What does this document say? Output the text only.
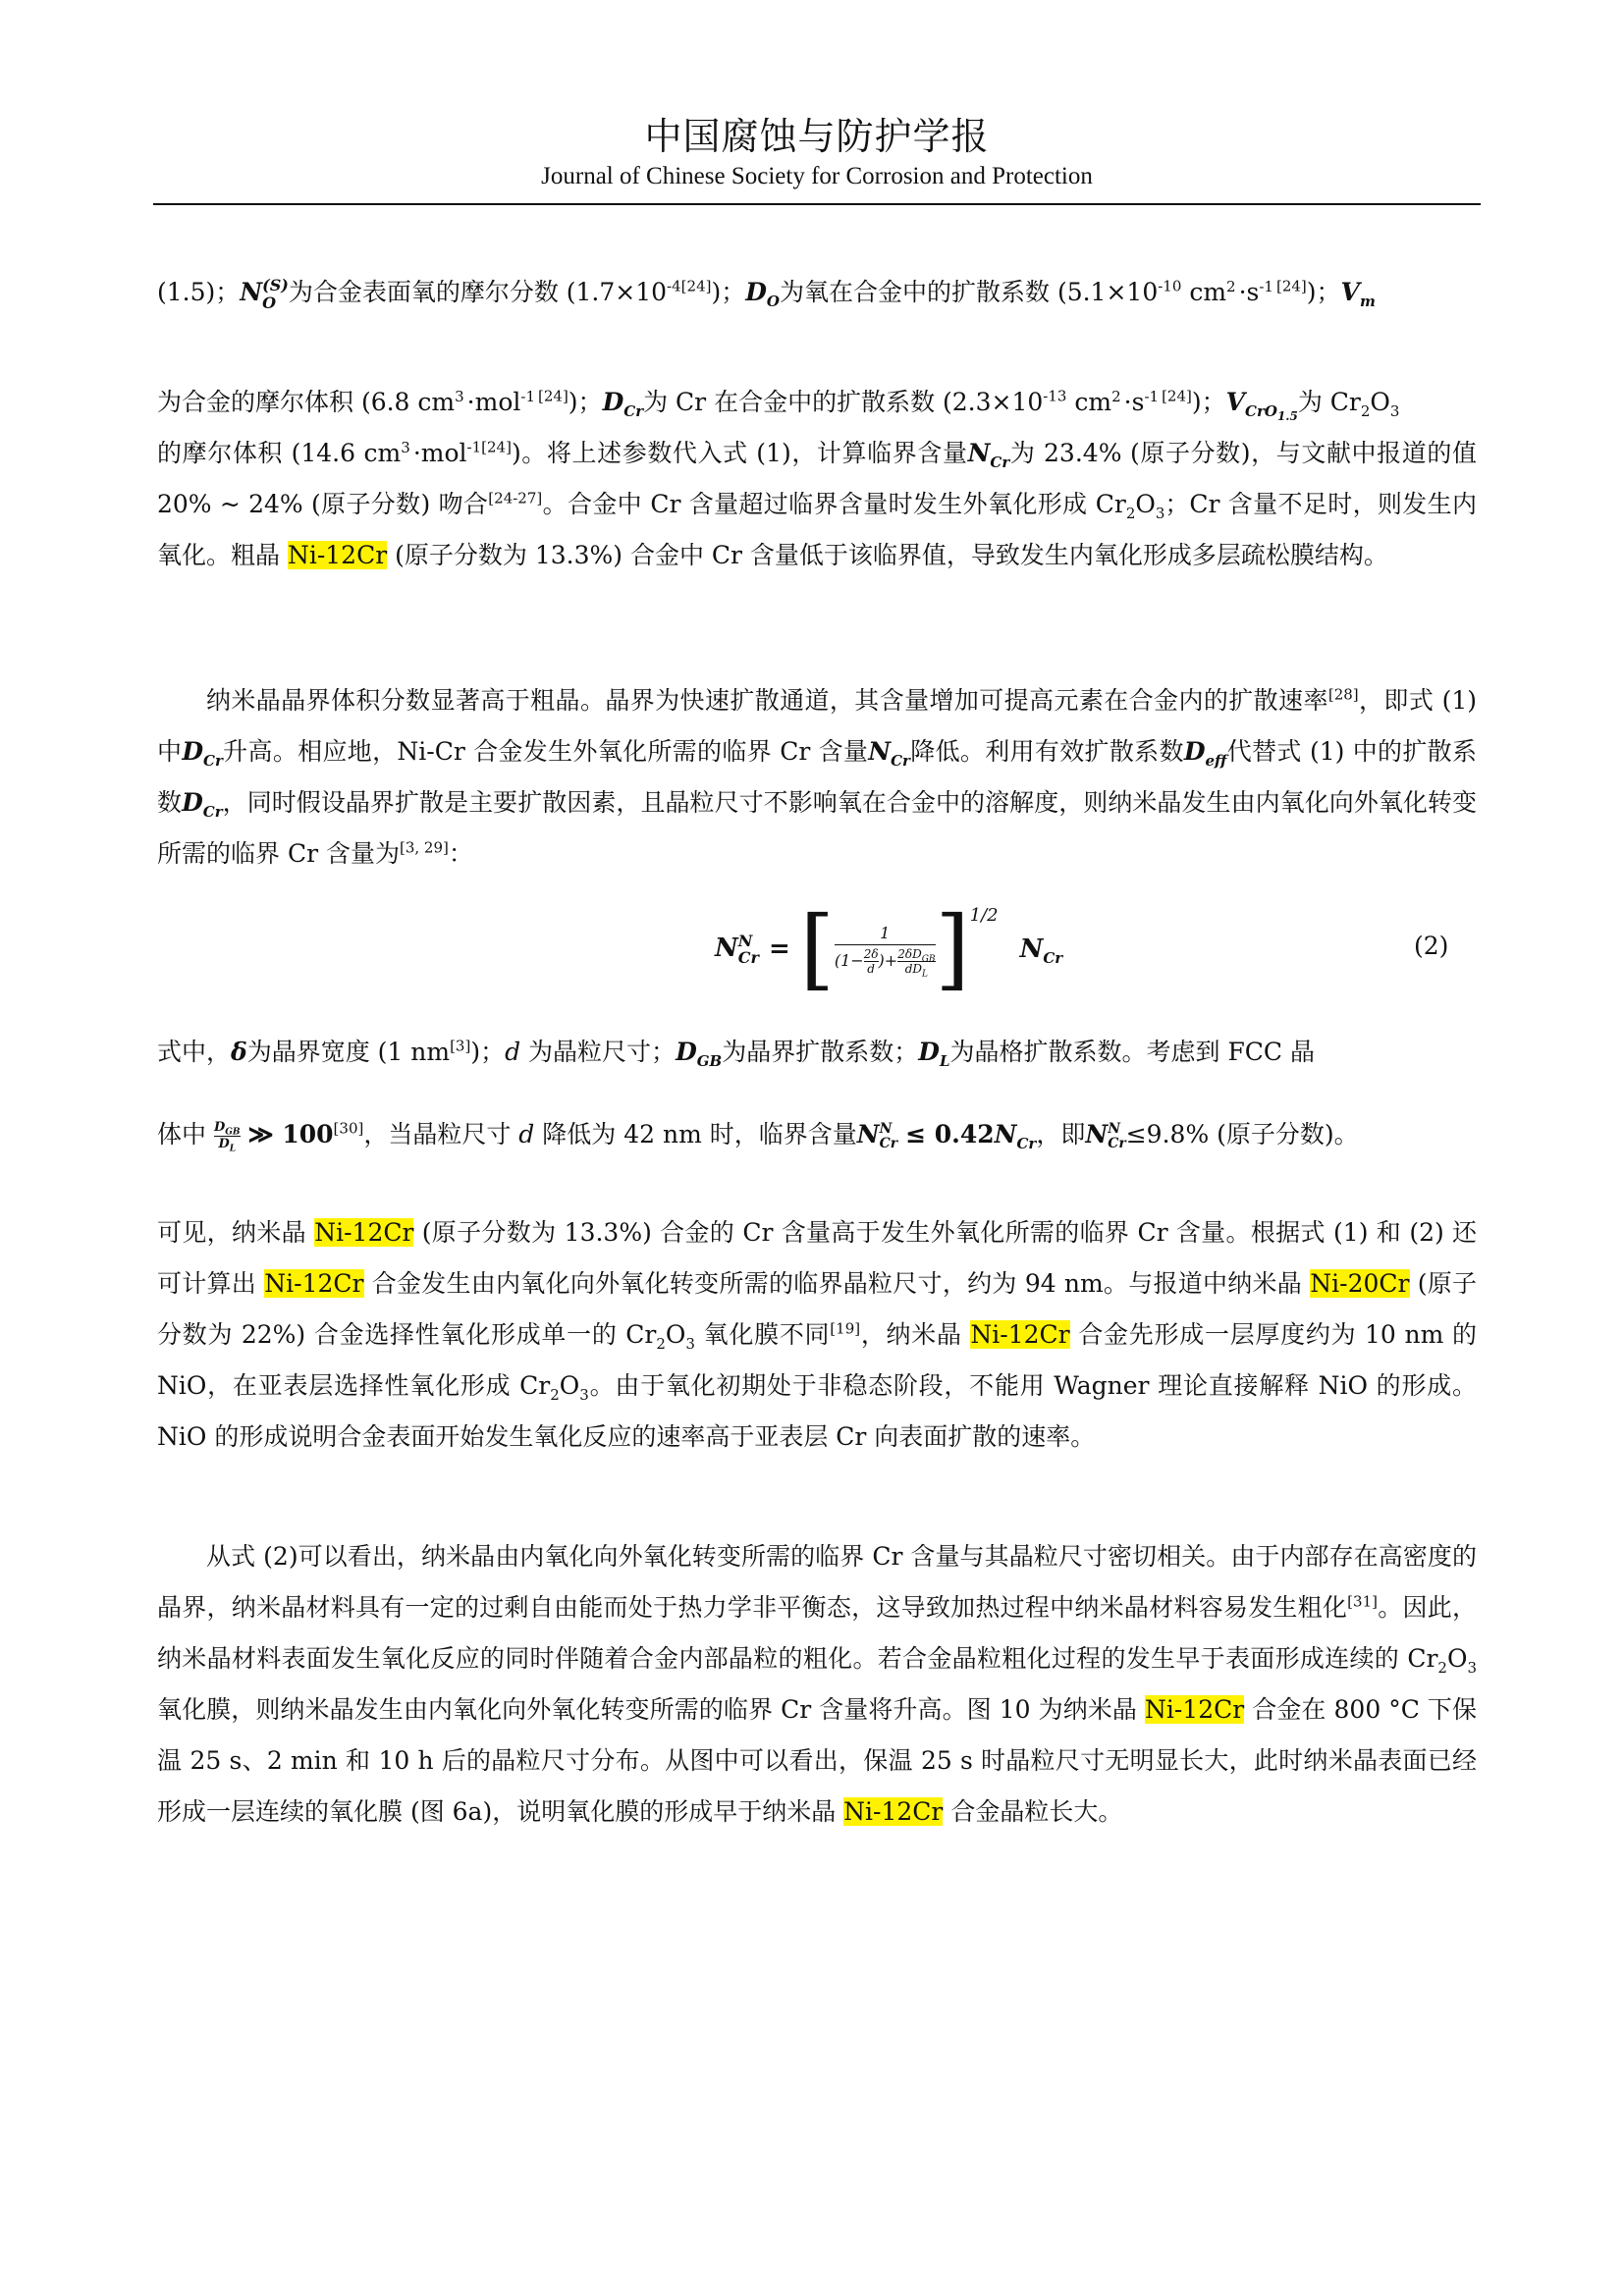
中国腐蚀与防护学报
Journal of Chinese Society for Corrosion and Protection
(1.5)；N (S)
O 为合金表面氧的摩尔分数 $(1.7\times 10^{-4[24]})$；$D_O$为氧在合金中的扩散系数 ($5.1\times 10^{-10}$ $cm^2 \cdot s^{-1}$ [24])；$V_m$
为合金的摩尔体积 (6.8 $cm^3 \cdot mol^{-1}$ [24])；$D_{Cr}$为 Cr 在合金中的扩散系数 ($2.3\times 10^{-13}$ $cm^2 \cdot s^{-1}$ [24])；$V_{CrO_{1.5}}$为 $Cr_2O_3$
的摩尔体积 (14.6 $cm^3 \cdot mol^{-1[24]}$)。将上述参数代入式 (1)，计算临界含量$N_{Cr}$为 23.4% (原子分数)，与文献中报道的值 20% ~ 24% (原子分数) 吻合[24-27]。合金中 Cr 含量超过临界含量时发生外氧化形成 $Cr_2O_3$；Cr 含量不足时，则发生内氧化。粗晶 Ni-12Cr (原子分数为 13.3%) 合金中 Cr 含量低于该临界值，导致发生内氧化形成多层疏松膜结构。
纳米晶晶界体积分数显著高于粗晶。晶界为快速扩散通道，其含量增加可提高元素在合金内的扩散速率[28]，即式 (1) 中$D_{Cr}$升高。相应地，Ni-Cr 合金发生外氧化所需的临界 Cr 含量$N_{Cr}$降低。利用有效扩散系数$D_{eff}$代替式 (1) 中的扩散系数$D_{Cr}$，同时假设晶界扩散是主要扩散因素，且晶粒尺寸不影响氧在合金中的溶解度，则纳米晶发生由内氧化向外氧化转变所需的临界 Cr 含量为[3, 29]：
N N
Cr = [ $\frac{1}{(1- \frac{2\delta}{d} )+ \frac{2\delta D_{GB}}{dD_L}} ]^{1/2}$
$N_{Cr}$	(2)
式中，δ为晶界宽度 (1 nm[3])；d 为晶粒尺寸；$D_{GB}$为晶界扩散系数；$D_L$为晶格扩散系数。考虑到 FCC 晶
体中 $\frac{D_{GB}}{D_L}$ ≫ 100[30]，当晶粒尺寸 d 降低为 42 nm 时，临界含量N N
$Cr \le 0.42N_{Cr}$，即N N
Cr ≤9.8% (原子分数)。
可见，纳米晶 Ni-12Cr (原子分数为 13.3%) 合金的 Cr 含量高于发生外氧化所需的临界 Cr 含量。根据式 (1) 和 (2) 还可计算出 Ni-12Cr 合金发生由内氧化向外氧化转变所需的临界晶粒尺寸，约为 94 nm。与报道中纳米晶 Ni-20Cr (原子分数为 22%) 合金选择性氧化形成单一的 $Cr_2O_3$ 氧化膜不同[19]，纳米晶 Ni-12Cr 合金先形成一层厚度约为 10 nm 的 NiO，在亚表层选择性氧化形成 $Cr_2O_3$。由于氧化初期处于非稳态阶段，不能用 Wagner 理论直接解释 NiO 的形成。NiO 的形成说明合金表面开始发生氧化反应的速率高于亚表层 Cr 向表面扩散的速率。
从式 (2)可以看出，纳米晶由内氧化向外氧化转变所需的临界 Cr 含量与其晶粒尺寸密切相关。由于内部存在高密度的晶界，纳米晶材料具有一定的过剩自由能而处于热力学非平衡态，这导致加热过程中纳米晶材料容易发生粗化[31]。因此，纳米晶材料表面发生氧化反应的同时伴随着合金内部晶粒的粗化。若合金晶粒粗化过程的发生早于表面形成连续的 $Cr_2O_3$ 氧化膜，则纳米晶发生由内氧化向外氧化转变所需的临界 Cr 含量将升高。图 10 为纳米晶 Ni-12Cr 合金在 800 °C 下保温 25 s、2 min 和 10 h 后的晶粒尺寸分布。从图中可以看出，保温 25 s 时晶粒尺寸无明显长大，此时纳米晶表面已经形成一层连续的氧化膜 (图 6a)，说明氧化膜的形成早于纳米晶 Ni-12Cr 合金晶粒长大。
